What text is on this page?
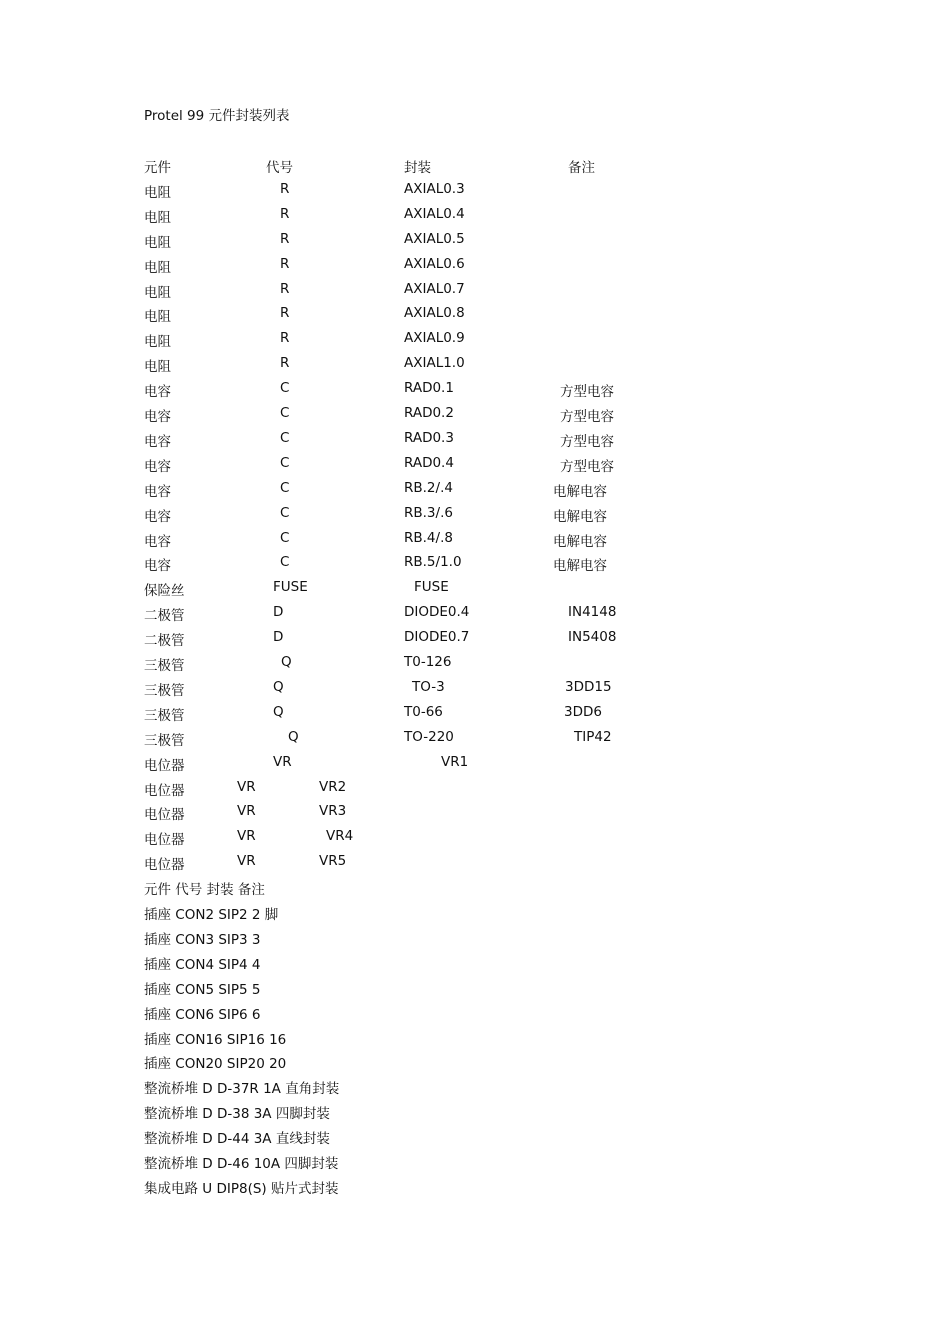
Protel 99 元件封装列表
元件	代号	封装	备注
电阻	R	AXIAL0.3
电阻	R	AXIAL0.4
电阻	R	AXIAL0.5
电阻	R	AXIAL0.6
电阻	R	AXIAL0.7
电阻	R	AXIAL0.8
电阻	R	AXIAL0.9
电阻	R	AXIAL1.0
电容	C	RAD0.1	方型电容
电容	C	RAD0.2	方型电容
电容	C	RAD0.3	方型电容
电容	C	RAD0.4	方型电容
电容	C	RB.2/.4	电解电容
电容	C	RB.3/.6	电解电容
电容	C	RB.4/.8	电解电容
电容	C	RB.5/1.0	电解电容
保险丝	FUSE	FUSE
二极管	D	DIODE0.4	IN4148
二极管	D	DIODE0.7	IN5408
三极管	Q	T0-126
三极管	Q	TO-3	3DD15
三极管	Q	T0-66	3DD6
三极管	Q	TO-220	TIP42
电位器	VR	VR1
电位器	VR	VR2
电位器	VR	VR3
电位器	VR	VR4
电位器	VR	VR5
元件 代号 封装 备注
插座 CON2 SIP2 2 脚
插座 CON3 SIP3 3
插座 CON4 SIP4 4
插座 CON5 SIP5 5
插座 CON6 SIP6 6
插座 CON16 SIP16 16
插座 CON20 SIP20 20
整流桥堆 D D-37R 1A 直角封装
整流桥堆 D D-38 3A 四脚封装
整流桥堆 D D-44 3A 直线封装
整流桥堆 D D-46 10A 四脚封装
集成电路 U DIP8(S) 贴片式封装
